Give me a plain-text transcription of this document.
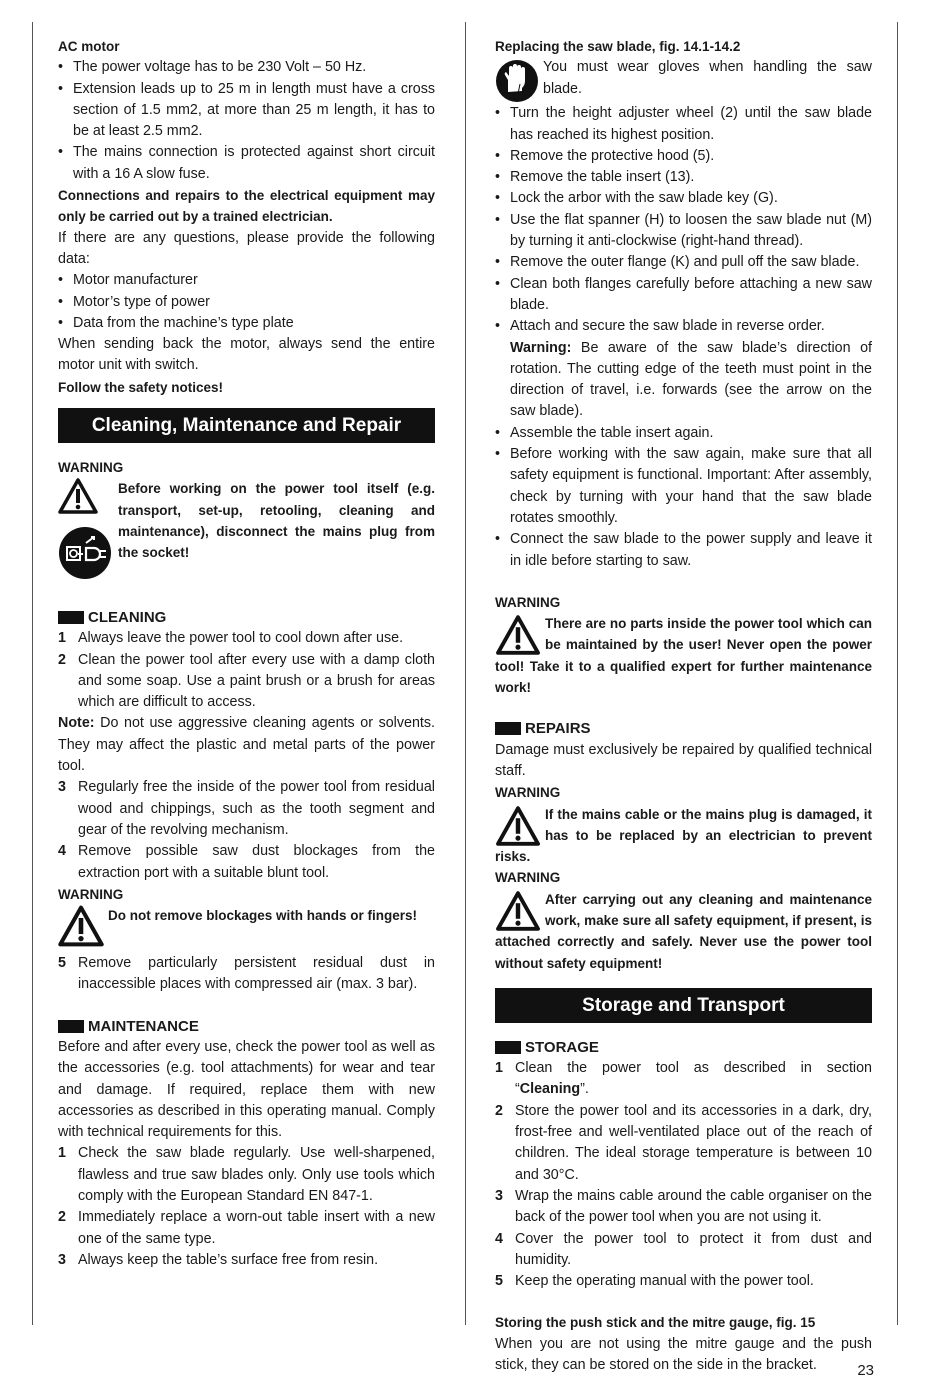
AC motor
• The power voltage has to be 230 Volt – 50 Hz.
• Extension leads up to 25 m in length must have a cross section of 1.5 mm2, at more than 25 m length, it has to be at least 2.5 mm2.
• The mains connection is protected against short circuit with a 16 A slow fuse.

Connections and repairs to the electrical equipment may only be carried out by a trained electrician.

If there are any questions, please provide the following data:

• Motor manufacturer
• Motor’s type of power
• Data from the machine’s type plate

When sending back the motor, always send the entire motor unit with switch.

Follow the safety notices!
Cleaning, Maintenance and Repair
WARNING

Before working on the power tool itself (e.g. transport, set-up, retooling, cleaning and maintenance), disconnect the mains plug from the socket!

CLEANING
1 Always leave the power tool to cool down after use.
2 Clean the power tool after every use with a damp cloth and some soap. Use a paint brush or a brush for areas which are difficult to access.

Note: Do not use aggressive cleaning agents or solvents. They may affect the plastic and metal parts of the power tool.

3 Regularly free the inside of the power tool from residual wood and chippings, such as the tooth segment and gear of the revolving mechanism.
4 Remove possible saw dust blockages from the extraction port with a suitable blunt tool.
WARNING
Do not remove blockages with hands or fingers!
5 Remove particularly persistent residual dust in inaccessible places with compressed air (max. 3 bar).
MAINTENANCE

Before and after every use, check the power tool as well as the accessories (e.g. tool attachments) for wear and tear and damage. If required, replace them with new accessories as described in this operating manual. Comply with technical requirements for this.

1 Check the saw blade regularly. Use well-sharpened, flawless and true saw blades only. Only use tools which comply with the European Standard EN 847-1.
2 Immediately replace a worn-out table insert with a new one of the same type.
3 Always keep the table’s surface free from resin.
Replacing the saw blade, fig. 14.1-14.2

You must wear gloves when handling the saw blade.

• Turn the height adjuster wheel (2) until the saw blade has reached its highest position.
• Remove the protective hood (5).
• Remove the table insert (13).
• Lock the arbor with the saw blade key (G).
• Use the flat spanner (H) to loosen the saw blade nut (M) by turning it anti-clockwise (right-hand thread).
• Remove the outer flange (K) and pull off the saw blade.
• Clean both flanges carefully before attaching a new saw blade.
• Attach and secure the saw blade in reverse order.
Warning: Be aware of the saw blade’s direction of rotation. The cutting edge of the teeth must point in the direction of travel, i.e. forwards (see the arrow on the saw blade).
• Assemble the table insert again.
• Before working with the saw again, make sure that all safety equipment is functional. Important: After assembly, check by turning with your hand that the saw blade rotates smoothly.
• Connect the saw blade to the power supply and leave it in idle before starting to saw.
WARNING

There are no parts inside the power tool which can be maintained by the user! Never open the power tool! Take it to a qualified expert for further maintenance work!

REPAIRS

Damage must exclusively be repaired by qualified technical staff.

WARNING

If the mains cable or the mains plug is damaged, it has to be replaced by an electrician to prevent risks.

WARNING

After carrying out any cleaning and maintenance work, make sure all safety equipment, if present, is attached correctly and safely. Never use the power tool without safety equipment!

Storage and Transport
STORAGE
1 Clean the power tool as described in section “Cleaning”.
2 Store the power tool and its accessories in a dark, dry, frost-free and well-ventilated place out of the reach of children. The ideal storage temperature is between 10 and 30°C.
3 Wrap the mains cable around the cable organiser on the back of the power tool when you are not using it.
4 Cover the power tool to protect it from dust and humidity.
5 Keep the operating manual with the power tool.
Storing the push stick and the mitre gauge, fig. 15

When you are not using the mitre gauge and the push stick, they can be stored on the side in the bracket.	23
